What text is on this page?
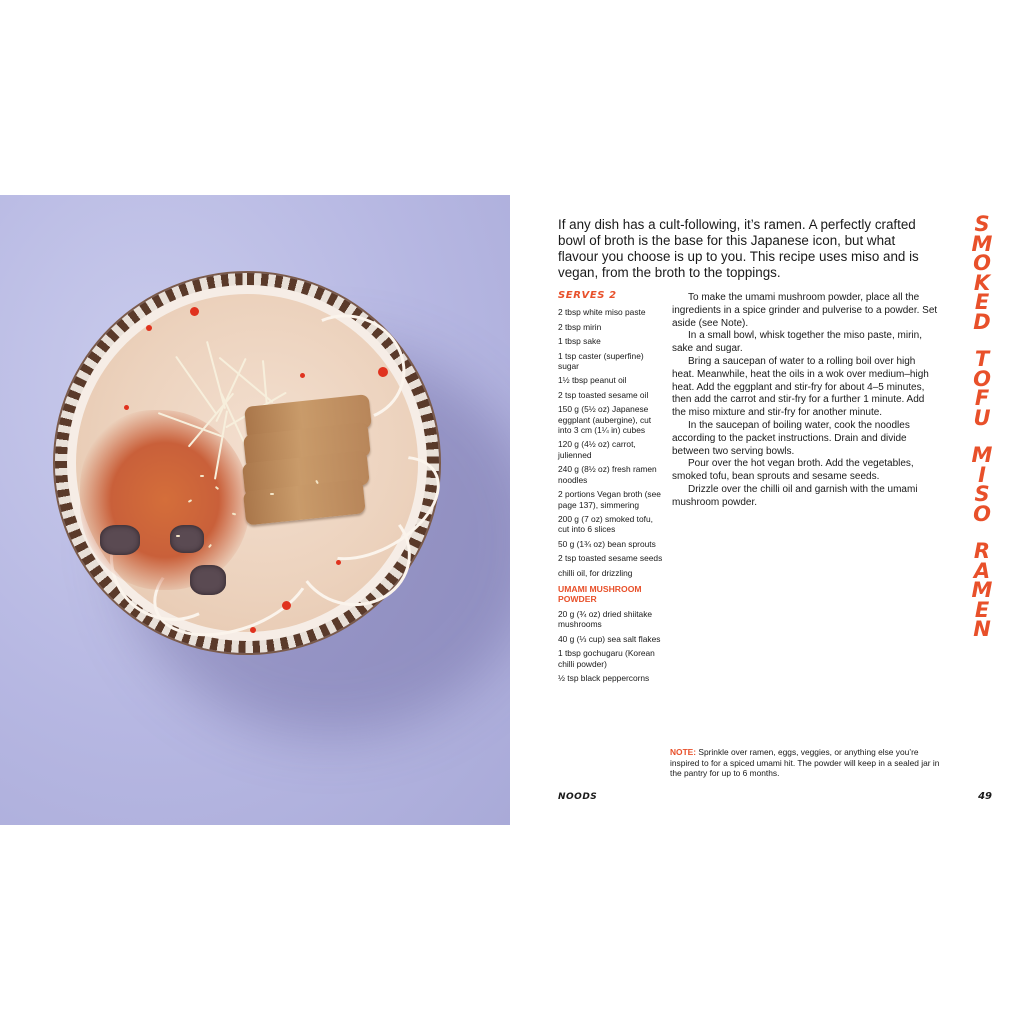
If any dish has a cult-following, it’s ramen. A perfectly crafted bowl of broth is the base for this Japanese icon, but what flavour you choose is up to you. This recipe uses miso and is vegan, from the broth to the toppings.
SERVES 2
2 tbsp white miso paste
2 tbsp mirin
1 tbsp sake
1 tsp caster (superfine) sugar
1½ tbsp peanut oil
2 tsp toasted sesame oil
150 g (5½ oz) Japanese eggplant (aubergine), cut into 3 cm (1¼ in) cubes
120 g (4½ oz) carrot, julienned
240 g (8½ oz) fresh ramen noodles
2 portions Vegan broth (see page 137), simmering
200 g (7 oz) smoked tofu, cut into 6 slices
50 g (1¾ oz) bean sprouts
2 tsp toasted sesame seeds
chilli oil, for drizzling
UMAMI MUSHROOM POWDER
20 g (¾ oz) dried shiitake mushrooms
40 g (⅓ cup) sea salt flakes
1 tbsp gochugaru (Korean chilli powder)
½ tsp black peppercorns

To make the umami mushroom powder, place all the ingredients in a spice grinder and pulverise to a powder. Set aside (see Note).

In a small bowl, whisk together the miso paste, mirin, sake and sugar.

Bring a saucepan of water to a rolling boil over high heat. Meanwhile, heat the oils in a wok over medium–high heat. Add the eggplant and stir-fry for about 4–5 minutes, then add the carrot and stir-fry for a further 1 minute. Add the miso mixture and stir-fry for another minute.

In the saucepan of boiling water, cook the noodles according to the packet instructions. Drain and divide between two serving bowls.

Pour over the hot vegan broth. Add the vegetables, smoked tofu, bean sprouts and sesame seeds.

Drizzle over the chilli oil and garnish with the umami mushroom powder.

S
M
O
K
E
D
T
O
F
U
M
I
S
O
R
A
M
E
N
NOTE: Sprinkle over ramen, eggs, veggies, or anything else you’re inspired to for a spiced umami hit. The powder will keep in a sealed jar in the pantry for up to 6 months.
NOODS	49
